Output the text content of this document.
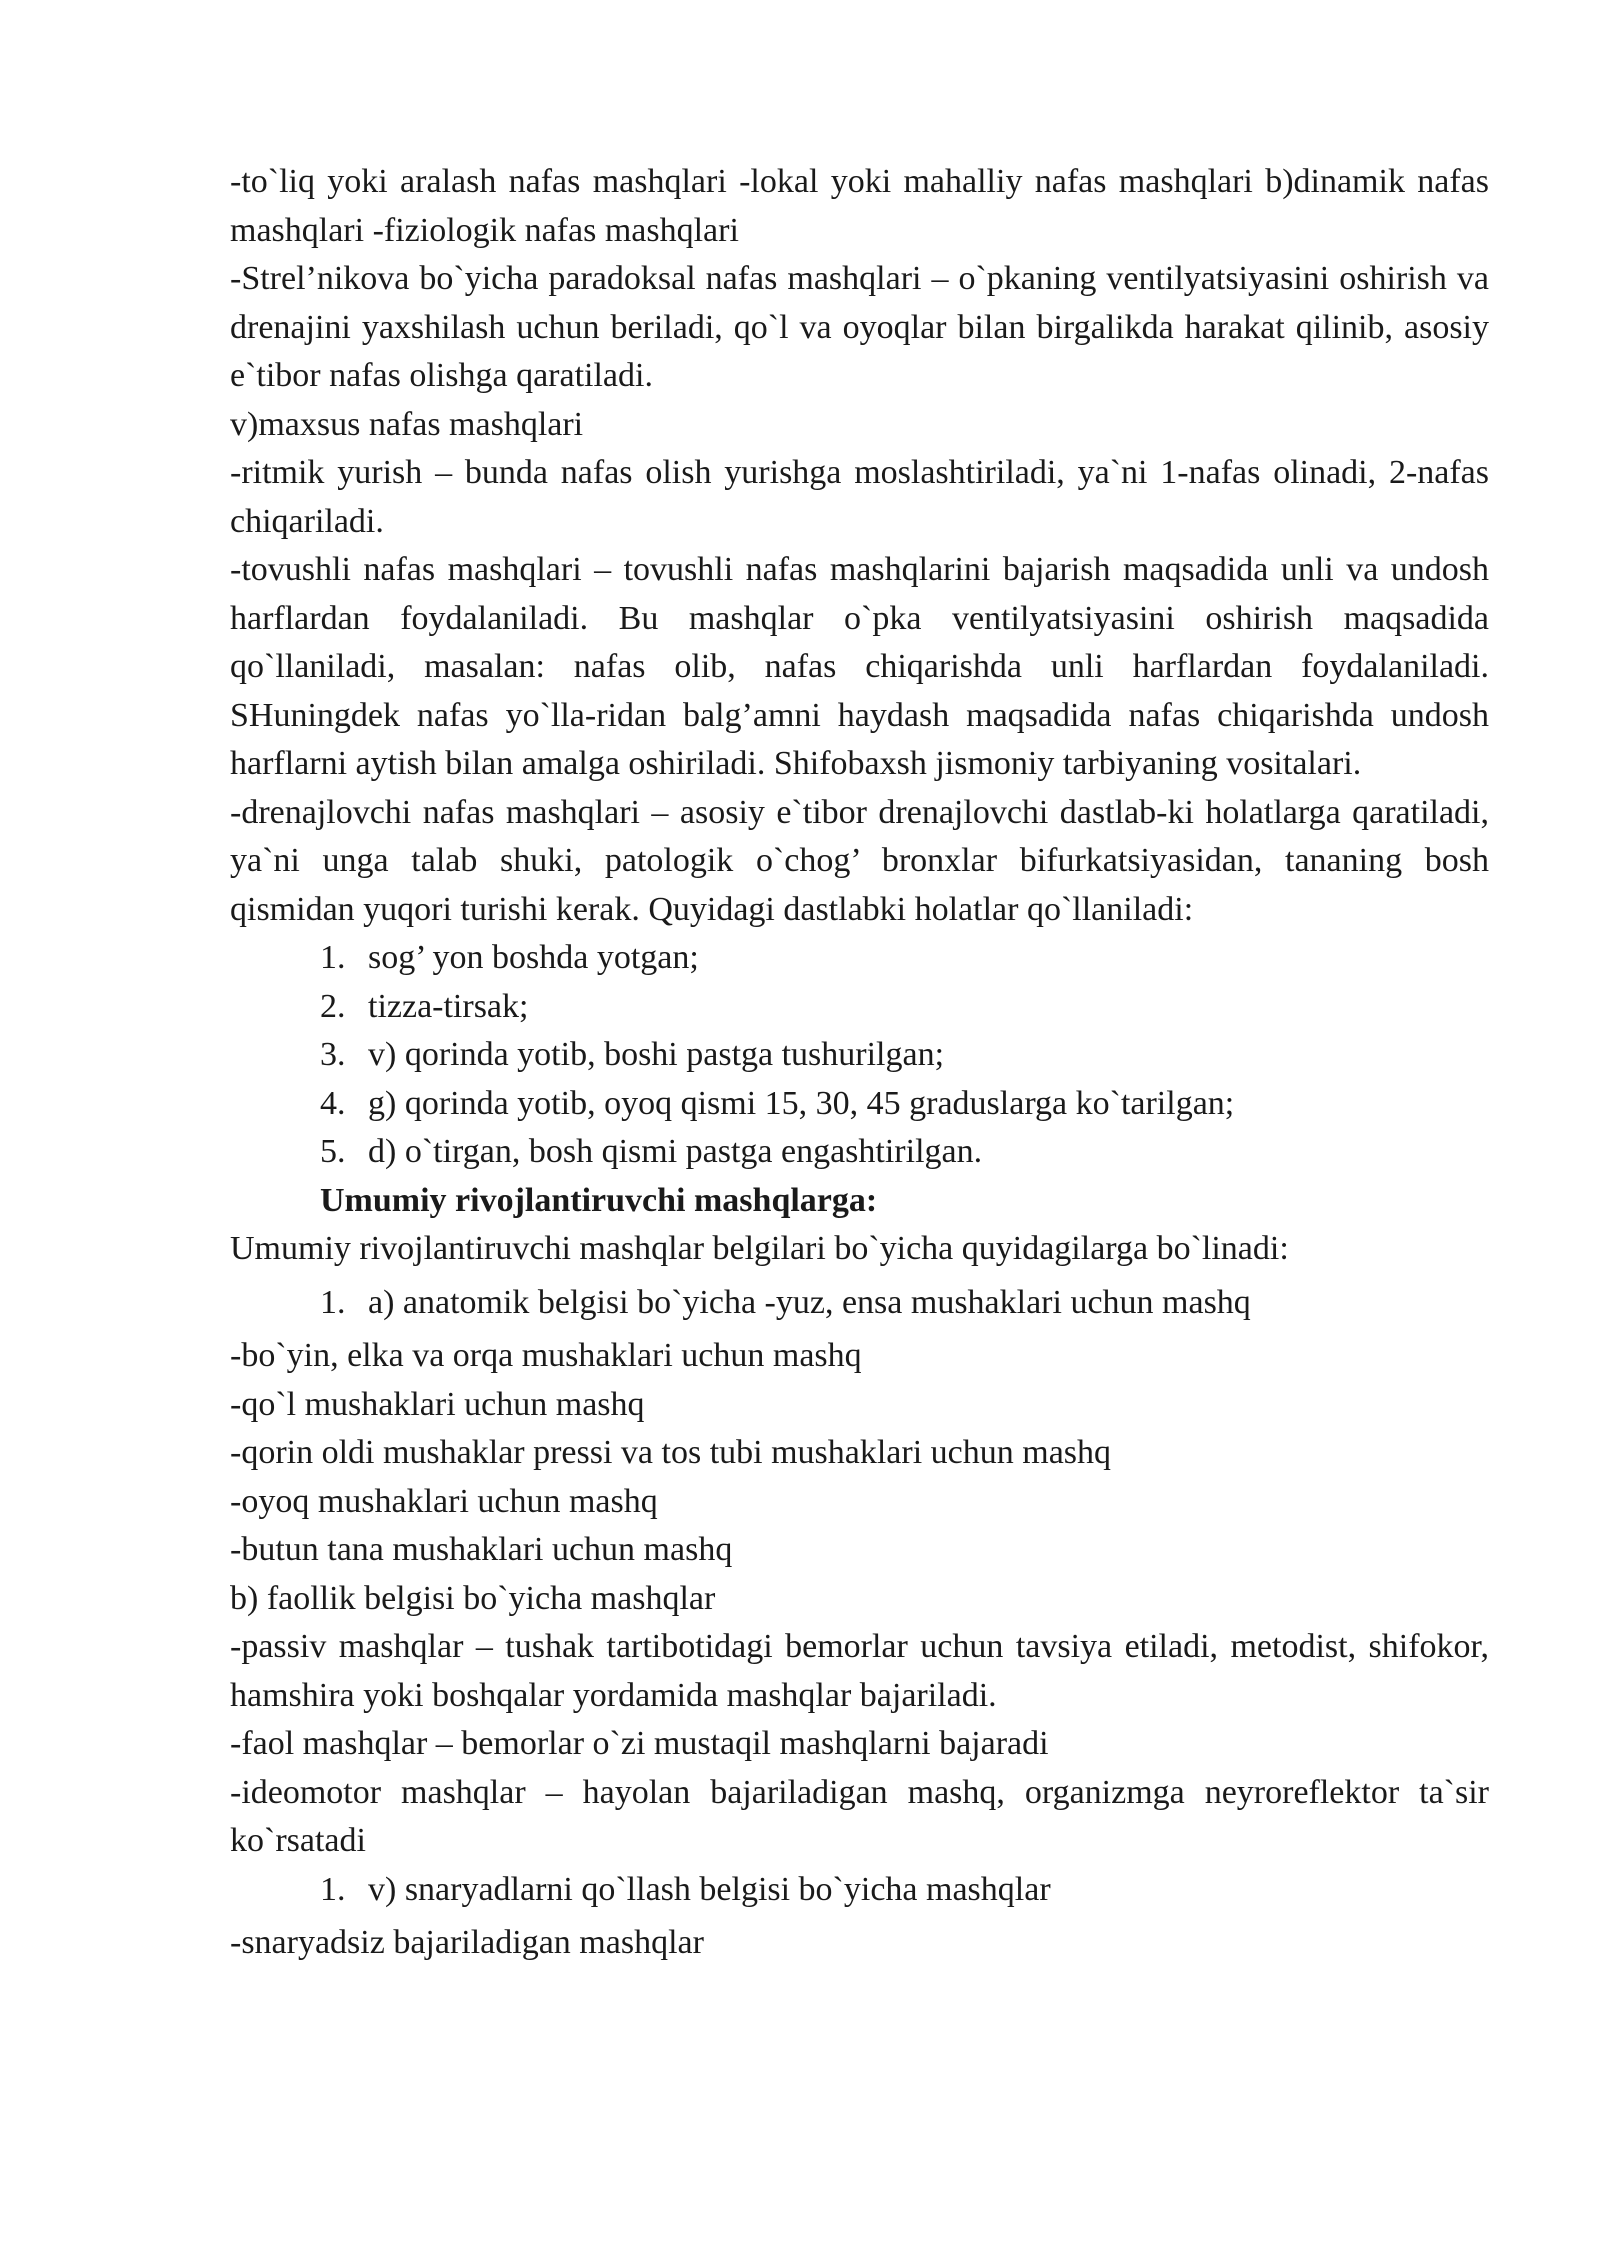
-to`liq yoki aralash nafas mashqlari -lokal yoki mahalliy nafas mashqlari b)dinamik nafas mashqlari -fiziologik nafas mashqlari

-Strel’nikova bo`yicha paradoksal nafas mashqlari – o`pkaning ventilyatsiyasini oshirish va drenajini yaxshilash uchun beriladi, qo`l va oyoqlar bilan birgalikda harakat qilinib, asosiy e`tibor nafas olishga qaratiladi.

v)maxsus nafas mashqlari

-ritmik yurish – bunda nafas olish yurishga moslashtiriladi, ya`ni 1-nafas olinadi, 2-nafas chiqariladi.

-tovushli nafas mashqlari – tovushli nafas mashqlarini bajarish maqsadida unli va undosh harflardan foydalaniladi. Bu mashqlar o`pka ventilyatsiyasini oshirish maqsadida qo`llaniladi, masalan: nafas olib, nafas chiqarishda unli harflardan foydalaniladi. SHuningdek nafas yo`lla-ridan balg’amni haydash maqsadida nafas chiqarishda undosh harflarni aytish bilan amalga oshiriladi. Shifobaxsh jismoniy tarbiyaning vositalari.

-drenajlovchi nafas mashqlari – asosiy e`tibor drenajlovchi dastlab-ki holatlarga qaratiladi, ya`ni unga talab shuki, patologik o`chog’ bronxlar bifurkatsiyasidan, tananing bosh qismidan yuqori turishi kerak. Quyidagi dastlabki holatlar qo`llaniladi:

1. sog’ yon boshda yotgan;
2. tizza-tirsak;
3. v) qorinda yotib, boshi pastga tushurilgan;
4. g) qorinda yotib, oyoq qismi 15, 30, 45 graduslarga ko`tarilgan;
5. d) o`tirgan, bosh qismi pastga engashtirilgan.

Umumiy rivojlantiruvchi mashqlarga:

Umumiy rivojlantiruvchi mashqlar belgilari bo`yicha quyidagilarga bo`linadi:

1. a) anatomik belgisi bo`yicha -yuz, ensa mushaklari uchun mashq

-bo`yin, elka va orqa mushaklari uchun mashq

-qo`l mushaklari uchun mashq

-qorin oldi mushaklar pressi va tos tubi mushaklari uchun mashq

-oyoq mushaklari uchun mashq

-butun tana mushaklari uchun mashq

b) faollik belgisi bo`yicha mashqlar

-passiv mashqlar – tushak tartibotidagi bemorlar uchun tavsiya etiladi, metodist, shifokor, hamshira yoki boshqalar yordamida mashqlar bajariladi.

-faol mashqlar – bemorlar o`zi mustaqil mashqlarni bajaradi

-ideomotor mashqlar – hayolan bajariladigan mashq, organizmga neyroreflektor ta`sir ko`rsatadi

1. v) snaryadlarni qo`llash belgisi bo`yicha mashqlar

-snaryadsiz bajariladigan mashqlar
